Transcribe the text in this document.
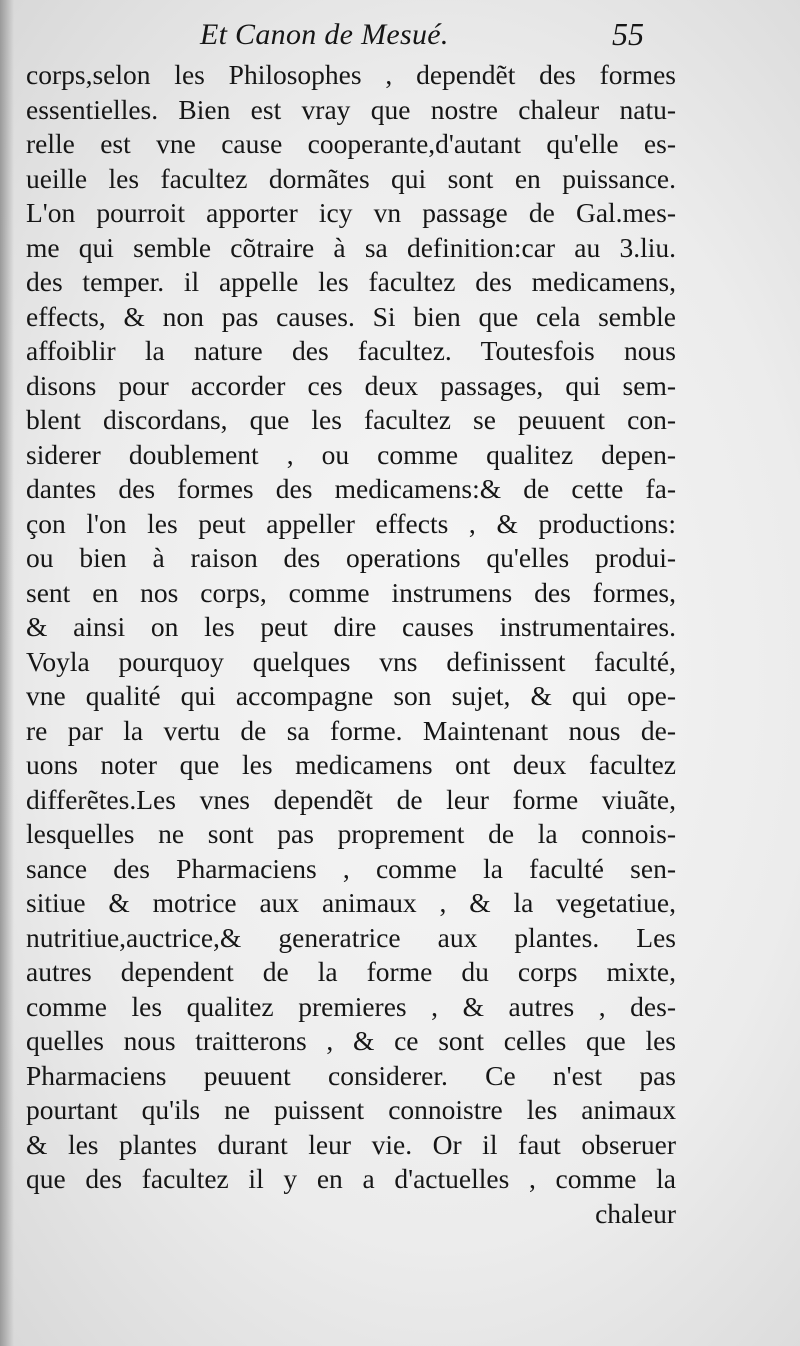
Et Canon de Mesué.	55
corps,selon les Philosophes , dependẽt des formes
essentielles. Bien est vray que nostre chaleur natu-
relle est vne cause cooperante,d'autant qu'elle es-
ueille les facultez dormãtes qui sont en puissance.
L'on pourroit apporter icy vn passage de Gal.mes-
me qui semble cõtraire à sa definition:car au 3.liu.
des temper. il appelle les facultez des medicamens,
effects, & non pas causes. Si bien que cela semble
affoiblir la nature des facultez. Toutesfois nous
disons pour accorder ces deux passages, qui sem-
blent discordans, que les facultez se peuuent con-
siderer doublement , ou comme qualitez depen-
dantes des formes des medicamens:& de cette fa-
çon l'on les peut appeller effects , & productions:
ou bien à raison des operations qu'elles produi-
sent en nos corps, comme instrumens des formes,
& ainsi on les peut dire causes instrumentaires.
Voyla pourquoy quelques vns definissent faculté,
vne qualité qui accompagne son sujet, & qui ope-
re par la vertu de sa forme. Maintenant nous de-
uons noter que les medicamens ont deux facultez
differẽtes.Les vnes dependẽt de leur forme viuãte,
lesquelles ne sont pas proprement de la connois-
sance des Pharmaciens , comme la faculté sen-
sitiue & motrice aux animaux , & la vegetatiue,
nutritiue,auctrice,& generatrice aux plantes. Les
autres dependent de la forme du corps mixte,
comme les qualitez premieres , & autres , des-
quelles nous traitterons , & ce sont celles que les
Pharmaciens peuuent considerer. Ce n'est pas
pourtant qu'ils ne puissent connoistre les animaux
& les plantes durant leur vie. Or il faut obseruer
que des facultez il y en a d'actuelles , comme la
chaleur
